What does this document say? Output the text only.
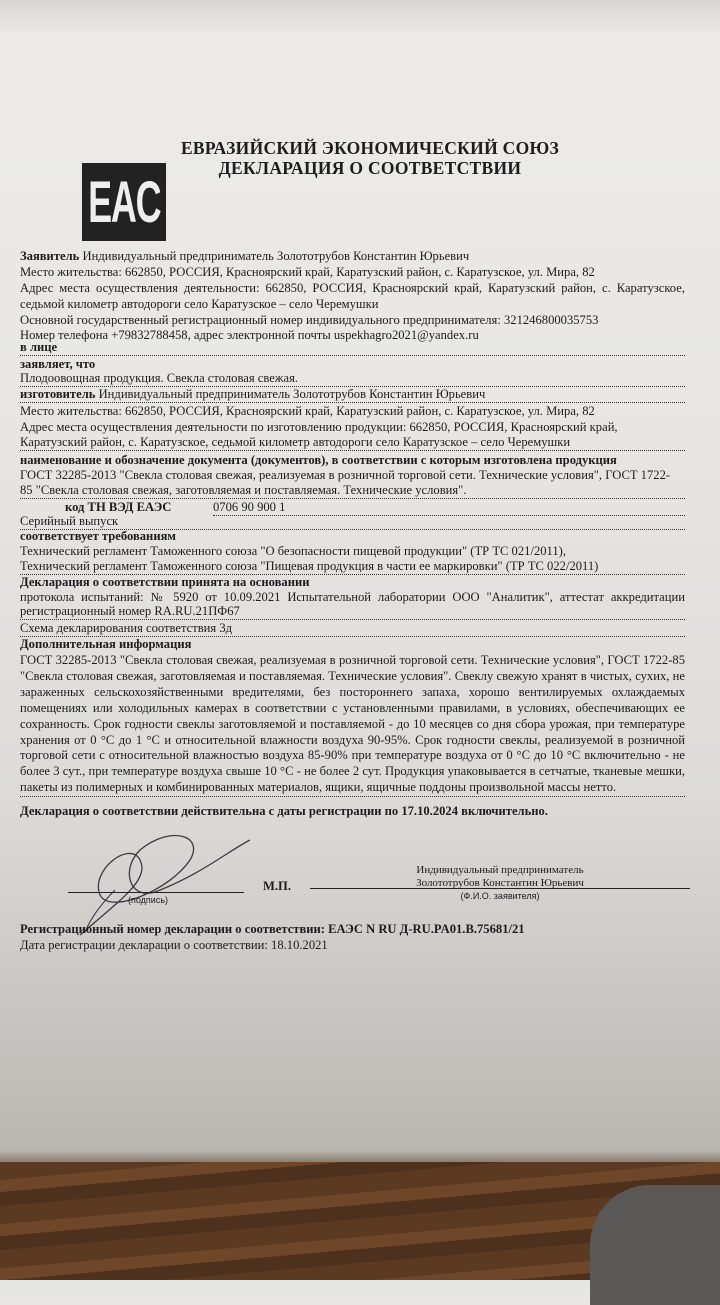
ЕВРАЗИЙСКИЙ ЭКОНОМИЧЕСКИЙ СОЮЗ
ДЕКЛАРАЦИЯ О СООТВЕТСТВИИ
EAC
Заявитель Индивидуальный предприниматель Золототрубов Константин Юрьевич
Место жительства: 662850, РОССИЯ, Красноярский край, Каратузский район, с. Каратузское, ул. Мира, 82
Адрес места осуществления деятельности: 662850, РОССИЯ, Красноярский край, Каратузский район, с. Каратузское,
седьмой километр автодороги село Каратузское – село Черемушки
Основной государственный регистрационный номер индивидуального предпринимателя: 321246800035753
Номер телефона +79832788458, адрес электронной почты uspekhagro2021@yandex.ru
в лице
заявляет, что
Плодоовощная продукция. Свекла столовая свежая.
изготовитель Индивидуальный предприниматель Золототрубов Константин Юрьевич
Место жительства: 662850, РОССИЯ, Красноярский край, Каратузский район, с. Каратузское, ул. Мира, 82
Адрес места осуществления деятельности по изготовлению продукции: 662850, РОССИЯ, Красноярский край,
Каратузский район, с. Каратузское, седьмой километр автодороги село Каратузское – село Черемушки
наименование и обозначение документа (документов), в соответствии с которым изготовлена продукция
ГОСТ 32285-2013 "Свекла столовая свежая, реализуемая в розничной торговой сети. Технические условия", ГОСТ 1722-
85 "Свекла столовая свежая, заготовляемая и поставляемая. Технические условия".
код ТН ВЭД ЕАЭС	0706 90 900 1
Серийный выпуск
соответствует требованиям
Технический регламент Таможенного союза "О безопасности пищевой продукции" (ТР ТС 021/2011),
Технический регламент Таможенного союза "Пищевая продукция в части ее маркировки" (ТР ТС 022/2011)
Декларация о соответствии принята на основании
протокола испытаний: № 5920 от 10.09.2021 Испытательной лаборатории ООО "Аналитик", аттестат аккредитации
регистрационный номер RA.RU.21ПФ67
Схема декларирования соответствия 3д
Дополнительная информация
ГОСТ 32285-2013 "Свекла столовая свежая, реализуемая в розничной торговой сети. Технические условия", ГОСТ 1722-85 "Свекла столовая свежая, заготовляемая и поставляемая. Технические условия". Свеклу свежую хранят в чистых, сухих, не зараженных сельскохозяйственными вредителями, без постороннего запаха, хорошо вентилируемых охлаждаемых помещениях или холодильных камерах в соответствии с установленными правилами, в условиях, обеспечивающих ее сохранность. Срок годности свеклы заготовляемой и поставляемой - до 10 месяцев со дня сбора урожая, при температуре хранения от 0 °С до 1 °С и относительной влажности воздуха 90-95%. Срок годности свеклы, реализуемой в розничной торговой сети с относительной влажностью воздуха 85-90% при температуре воздуха от 0 °С до 10 °С включительно - не более 3 сут., при температуре воздуха свыше 10 °С - не более 2 сут. Продукция упаковывается в сетчатые, тканевые мешки, пакеты из полимерных и комбинированных материалов, ящики, ящичные поддоны произвольной массы нетто.
Декларация о соответствии действительна с даты регистрации по 17.10.2024 включительно.
(подпись)
М.П.
Индивидуальный предприниматель
Золототрубов Константин Юрьевич
(Ф.И.О. заявителя)
Регистрационный номер декларации о соответствии: ЕАЭС N RU Д-RU.PA01.B.75681/21
Дата регистрации декларации о соответствии: 18.10.2021
